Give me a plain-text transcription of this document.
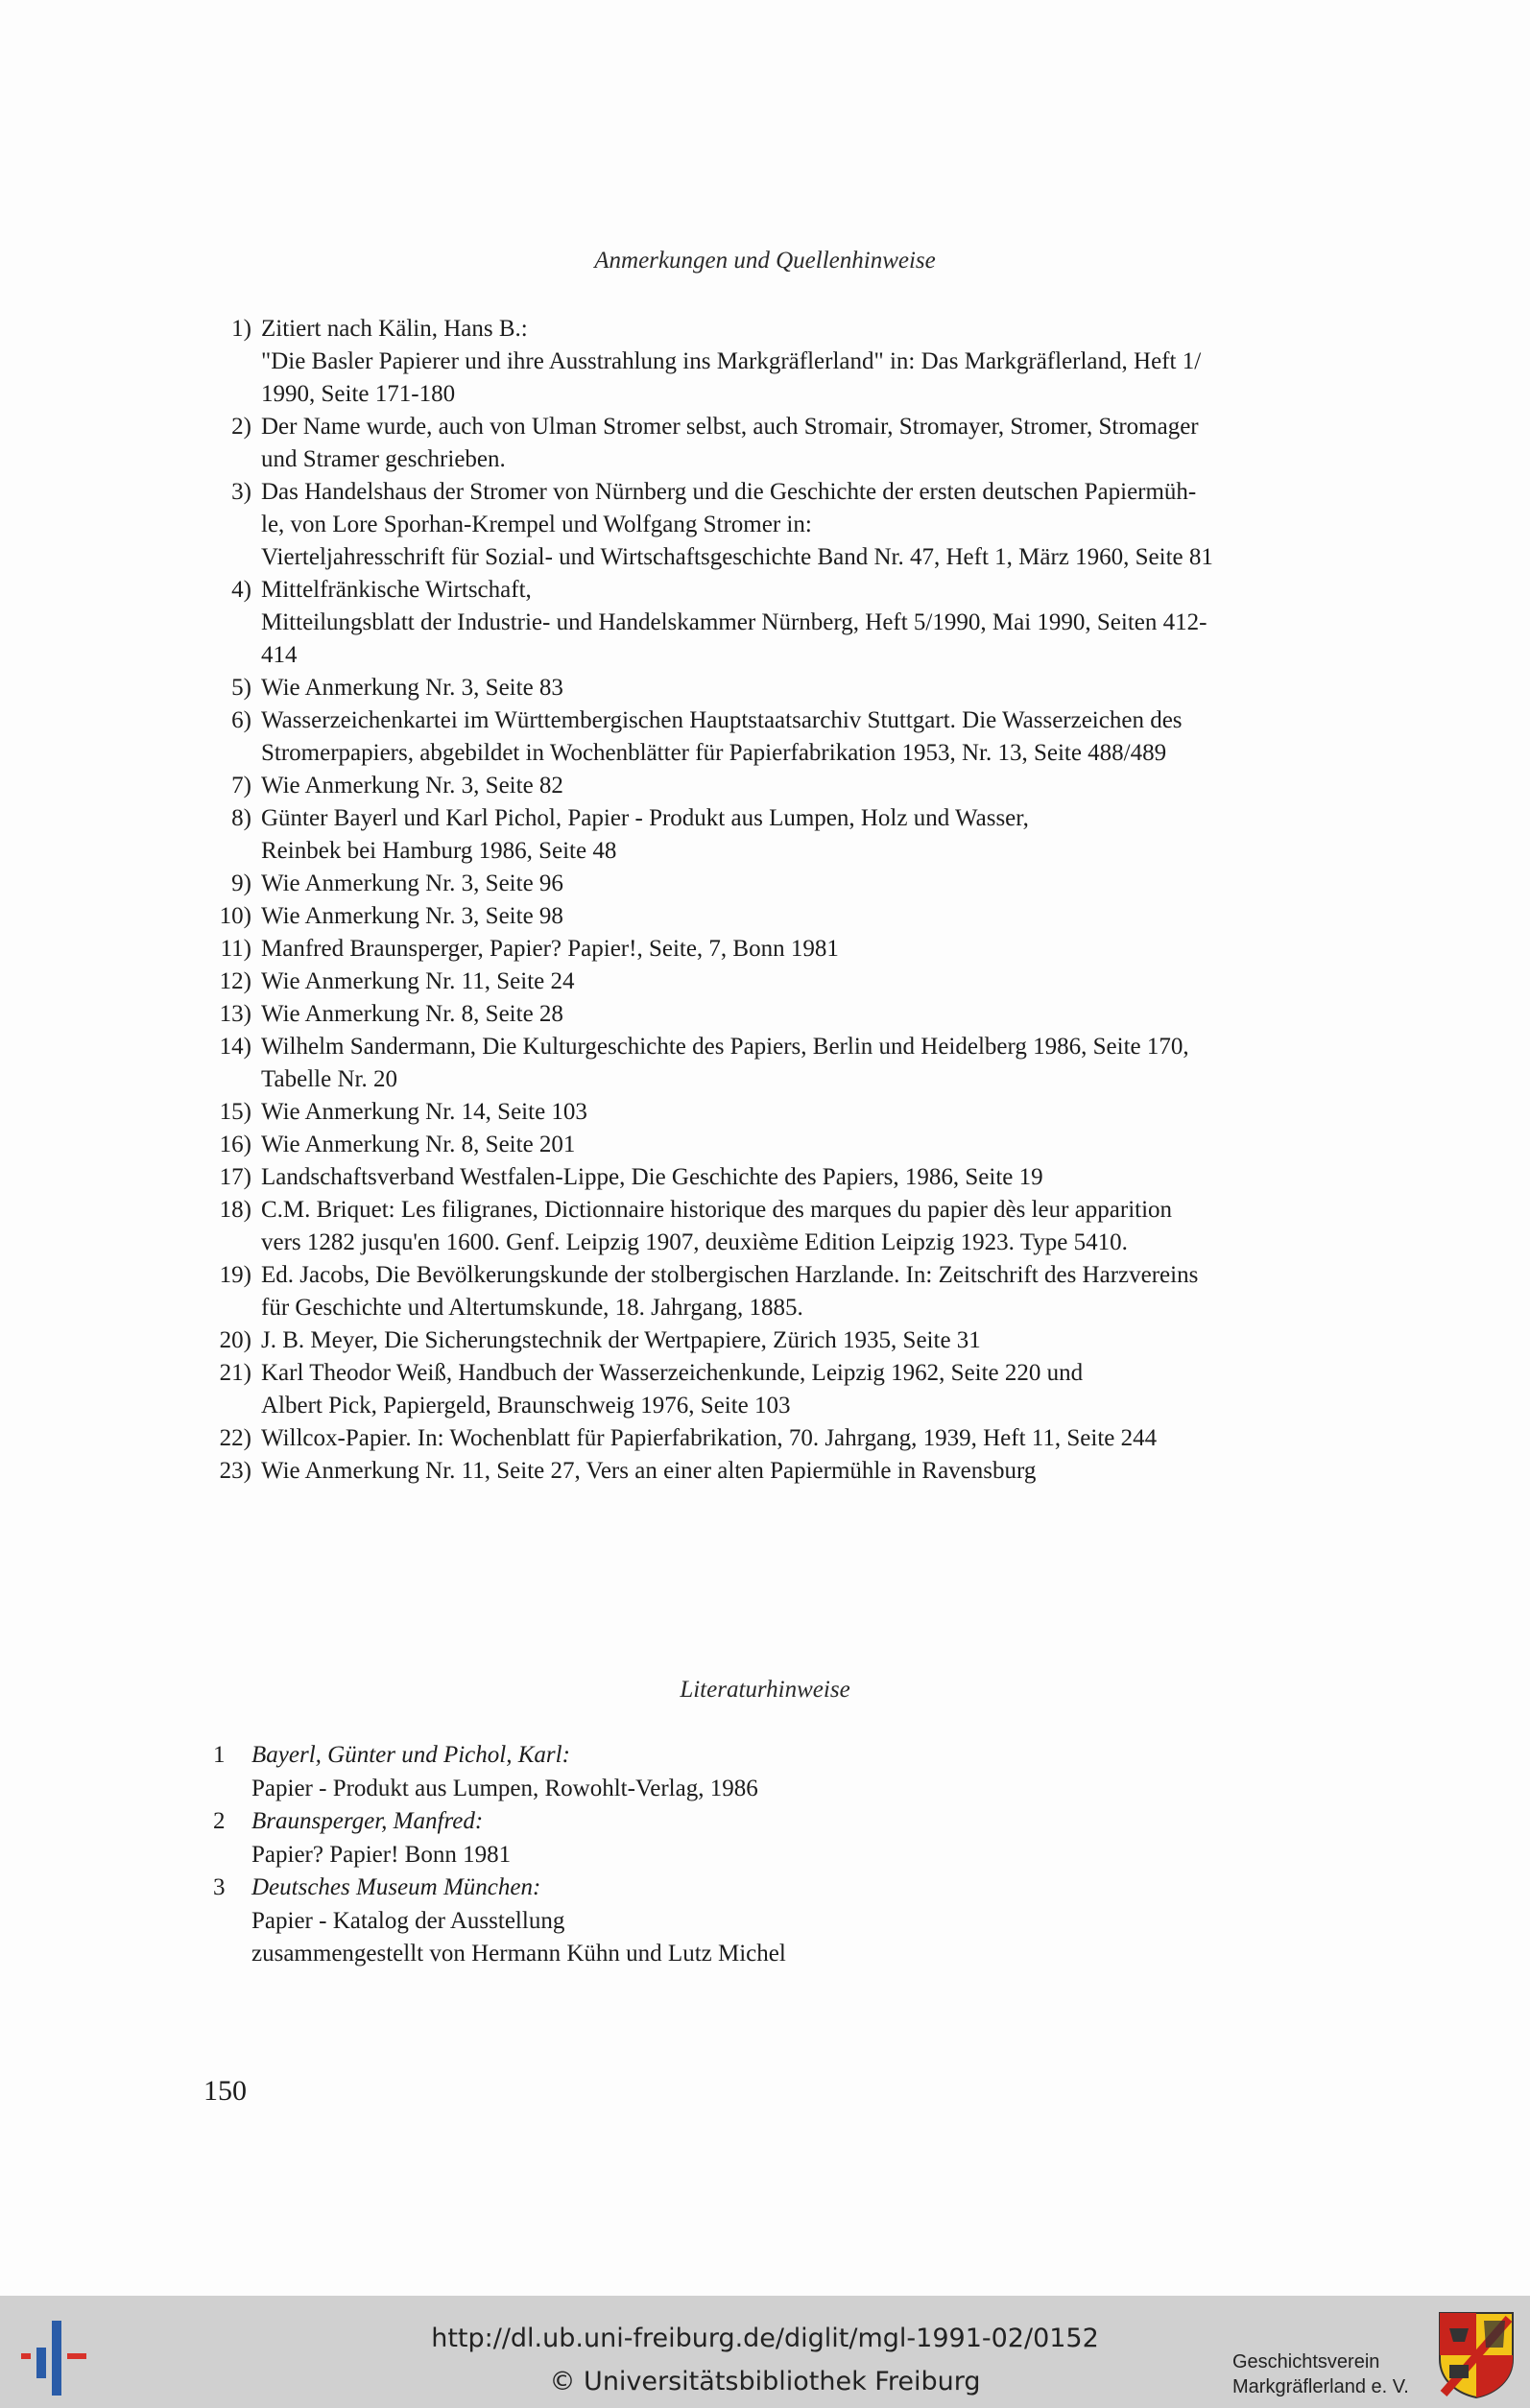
Anmerkungen und Quellenhinweise
1) Zitiert nach Kälin, Hans B.:
"Die Basler Papierer und ihre Ausstrahlung ins Markgräflerland" in: Das Markgräflerland, Heft 1/
1990, Seite 171-180
2) Der Name wurde, auch von Ulman Stromer selbst, auch Stromair, Stromayer, Stromer, Stromager
und Stramer geschrieben.
3) Das Handelshaus der Stromer von Nürnberg und die Geschichte der ersten deutschen Papiermüh-
le, von Lore Sporhan-Krempel und Wolfgang Stromer in:
Vierteljahresschrift für Sozial- und Wirtschaftsgeschichte Band Nr. 47, Heft 1, März 1960, Seite 81
4) Mittelfränkische Wirtschaft,
Mitteilungsblatt der Industrie- und Handelskammer Nürnberg, Heft 5/1990, Mai 1990, Seiten 412-
414
5) Wie Anmerkung Nr. 3, Seite 83
6) Wasserzeichenkartei im Württembergischen Hauptstaatsarchiv Stuttgart. Die Wasserzeichen des
Stromerpapiers, abgebildet in Wochenblätter für Papierfabrikation 1953, Nr. 13, Seite 488/489
7) Wie Anmerkung Nr. 3, Seite 82
8) Günter Bayerl und Karl Pichol, Papier - Produkt aus Lumpen, Holz und Wasser,
Reinbek bei Hamburg 1986, Seite 48
9) Wie Anmerkung Nr. 3, Seite 96
10) Wie Anmerkung Nr. 3, Seite 98
11) Manfred Braunsperger, Papier? Papier!, Seite, 7, Bonn 1981
12) Wie Anmerkung Nr. 11, Seite 24
13) Wie Anmerkung Nr. 8, Seite 28
14) Wilhelm Sandermann, Die Kulturgeschichte des Papiers, Berlin und Heidelberg 1986, Seite 170,
Tabelle Nr. 20
15) Wie Anmerkung Nr. 14, Seite 103
16) Wie Anmerkung Nr. 8, Seite 201
17) Landschaftsverband Westfalen-Lippe, Die Geschichte des Papiers, 1986, Seite 19
18) C.M. Briquet: Les filigranes, Dictionnaire historique des marques du papier dès leur apparition
vers 1282 jusqu'en 1600. Genf. Leipzig 1907, deuxième Edition Leipzig 1923. Type 5410.
19) Ed. Jacobs, Die Bevölkerungskunde der stolbergischen Harzlande. In: Zeitschrift des Harzvereins
für Geschichte und Altertumskunde, 18. Jahrgang, 1885.
20) J. B. Meyer, Die Sicherungstechnik der Wertpapiere, Zürich 1935, Seite 31
21) Karl Theodor Weiß, Handbuch der Wasserzeichenkunde, Leipzig 1962, Seite 220 und
Albert Pick, Papiergeld, Braunschweig 1976, Seite 103
22) Willcox-Papier. In: Wochenblatt für Papierfabrikation, 70. Jahrgang, 1939, Heft 11, Seite 244
23) Wie Anmerkung Nr. 11, Seite 27, Vers an einer alten Papiermühle in Ravensburg
Literaturhinweise
1	Bayerl, Günter und Pichol, Karl:
Papier - Produkt aus Lumpen, Rowohlt-Verlag, 1986
2	Braunsperger, Manfred:
Papier? Papier! Bonn 1981
3	Deutsches Museum München:
Papier - Katalog der Ausstellung
zusammengestellt von Hermann Kühn und Lutz Michel
150
http://dl.ub.uni-freiburg.de/diglit/mgl-1991-02/0152
© Universitätsbibliothek Freiburg
Geschichtsverein
Markgräflerland e. V.
